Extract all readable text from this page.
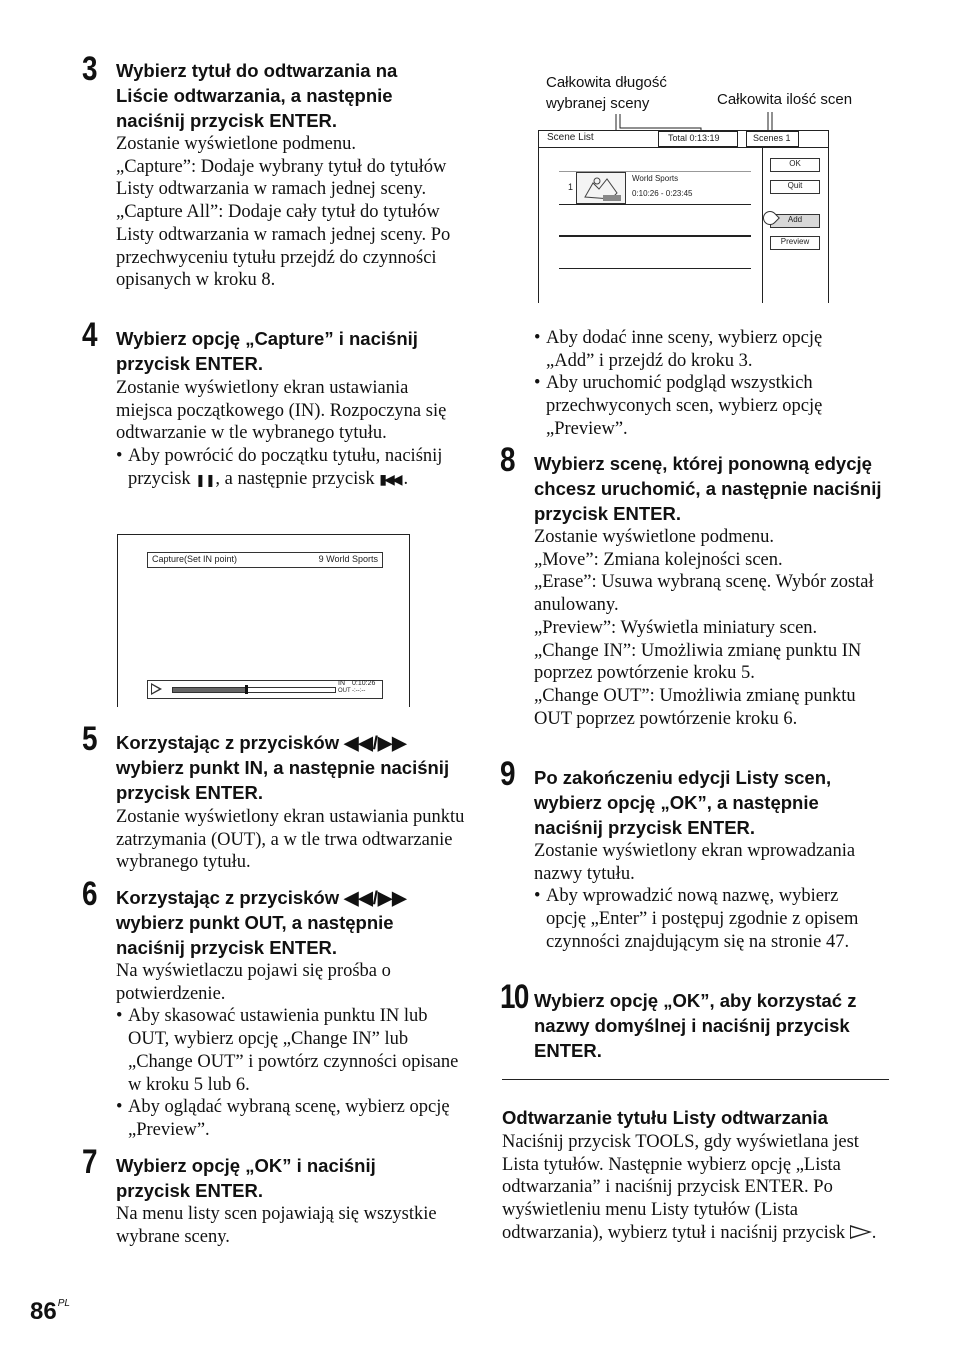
3 Wybierz tytuł do odtwarzania na Liście odtwarzania, a następnie naciśnij przycisk ENTER.

Zostanie wyświetlone podmenu.

„Capture”: Dodaje wybrany tytuł do tytułów Listy odtwarzania w ramach jednej sceny.

„Capture All”: Dodaje cały tytuł do tytułów Listy odtwarzania w ramach jednej sceny. Po przechwyceniu tytułu przejdź do czynności opisanych w kroku 8.

4 Wybierz opcję „Capture” i naciśnij przycisk ENTER.

Zostanie wyświetlony ekran ustawiania miejsca początkowego (IN). Rozpoczyna się odtwarzanie w tle wybranego tytułu.

• Aby powrócić do początku tytułu, naciśnij przycisk ❚❚, a następnie przycisk ▮◀◀ .
Capture(Set IN point)	9 World Sports
IN 0:10:26
OUT -:--:--
5 Korzystając z przycisków ◀◀/▶▶ wybierz punkt IN, a następnie naciśnij przycisk ENTER.

Zostanie wyświetlony ekran ustawiania punktu zatrzymania (OUT), a w tle trwa odtwarzanie wybranego tytułu.

6 Korzystając z przycisków ◀◀/▶▶ wybierz punkt OUT, a następnie naciśnij przycisk ENTER.

Na wyświetlaczu pojawi się prośba o potwierdzenie.

• Aby skasować ustawienia punktu IN lub OUT, wybierz opcję „Change IN” lub „Change OUT” i powtórz czynności opisane w kroku 5 lub 6.
• Aby oglądać wybraną scenę, wybierz opcję „Preview”.
7 Wybierz opcję „OK” i naciśnij przycisk ENTER.

Na menu listy scen pojawiają się wszystkie wybrane sceny.

$86^{PL}$
Całkowita długość wybranej sceny	Całkowita ilość scen
Scene List	Total 0:13:19	Scenes 1
1
World Sports
0:10:26 - 0:23:45
OK
Quit
Add
Preview
• Aby dodać inne sceny, wybierz opcję „Add” i przejdź do kroku 3.
• Aby uruchomić podgląd wszystkich przechwyconych scen, wybierz opcję „Preview”.
8 Wybierz scenę, której ponowną edycję chcesz uruchomić, a następnie naciśnij przycisk ENTER.

Zostanie wyświetlone podmenu.

„Move”: Zmiana kolejności scen.

„Erase”: Usuwa wybraną scenę. Wybór został anulowany.

„Preview”: Wyświetla miniatury scen.

„Change IN”: Umożliwia zmianę punktu IN poprzez powtórzenie kroku 5.

„Change OUT”: Umożliwia zmianę punktu OUT poprzez powtórzenie kroku 6.

9 Po zakończeniu edycji Listy scen, wybierz opcję „OK”, a następnie naciśnij przycisk ENTER.

Zostanie wyświetlony ekran wprowadzania nazwy tytułu.

• Aby wprowadzić nową nazwę, wybierz opcję „Enter” i postępuj zgodnie z opisem czynności znajdującym się na stronie 47.
10 Wybierz opcję „OK”, aby korzystać z nazwy domyślnej i naciśnij przycisk ENTER.
Odtwarzanie tytułu Listy odtwarzania
Naciśnij przycisk TOOLS, gdy wyświetlana jest Lista tytułów. Następnie wybierz opcję „Lista odtwarzania” i naciśnij przycisk ENTER. Po wyświetleniu menu Listy tytułów (Lista odtwarzania), wybierz tytuł i naciśnij przycisk
.
